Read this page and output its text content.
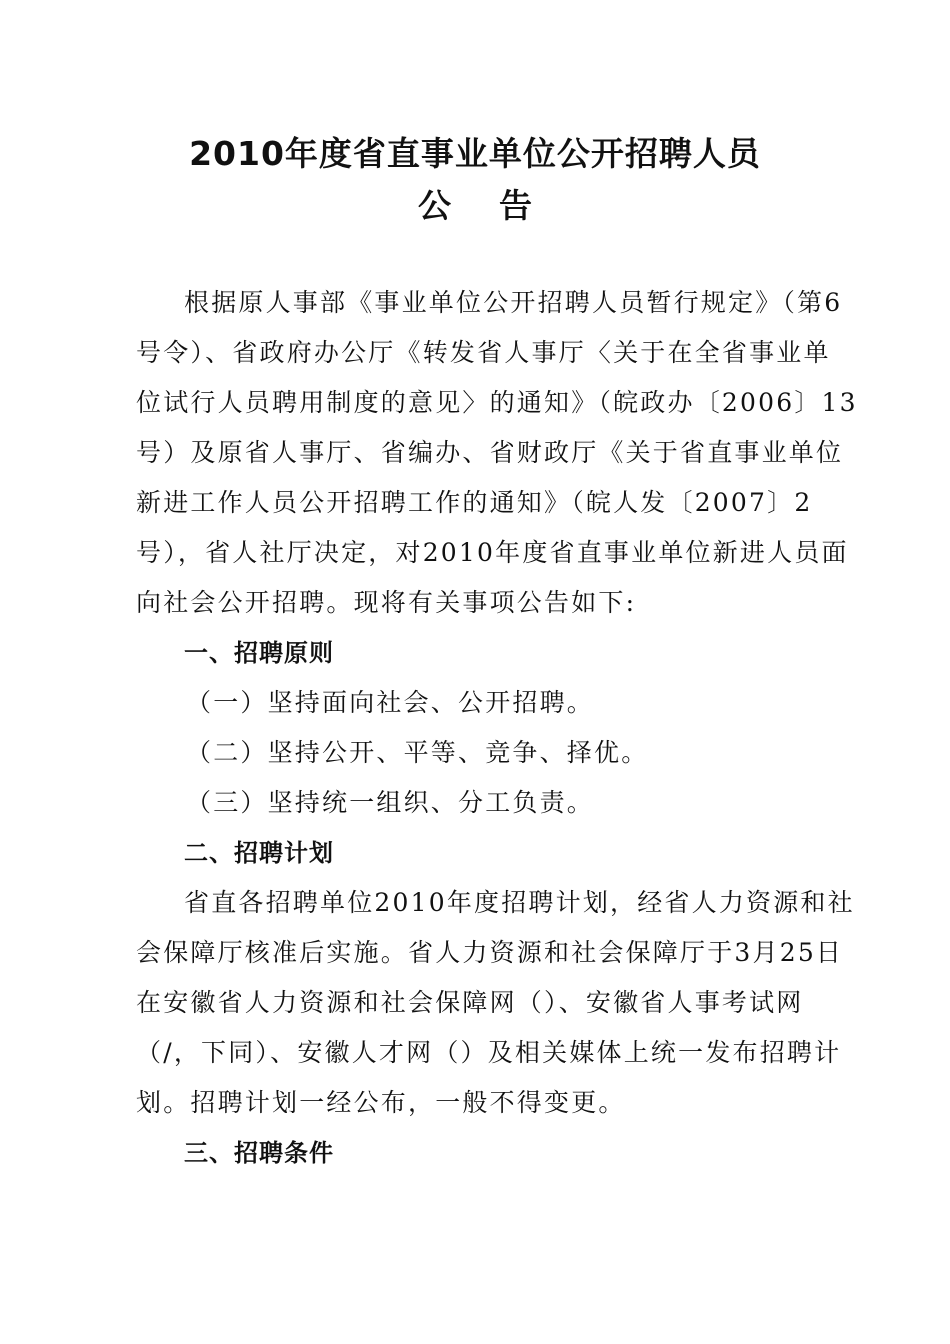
2010年度省直事业单位公开招聘人员
公告
根据原人事部《事业单位公开招聘人员暂行规定》（第6
号令）、省政府办公厅《转发省人事厅〈关于在全省事业单
位试行人员聘用制度的意见〉的通知》（皖政办〔2006〕13
号）及原省人事厅、省编办、省财政厅《关于省直事业单位
新进工作人员公开招聘工作的通知》（皖人发〔2007〕2
号），省人社厅决定，对2010年度省直事业单位新进人员面
向社会公开招聘。现将有关事项公告如下:
一、招聘原则
（一）坚持面向社会、公开招聘。
（二）坚持公开、平等、竞争、择优。
（三）坚持统一组织、分工负责。
二、招聘计划
省直各招聘单位2010年度招聘计划，经省人力资源和社
会保障厅核准后实施。省人力资源和社会保障厅于3月25日
在安徽省人力资源和社会保障网（）、安徽省人事考试网
（/，下同）、安徽人才网（）及相关媒体上统一发布招聘计
划。招聘计划一经公布，一般不得变更。
三、招聘条件
